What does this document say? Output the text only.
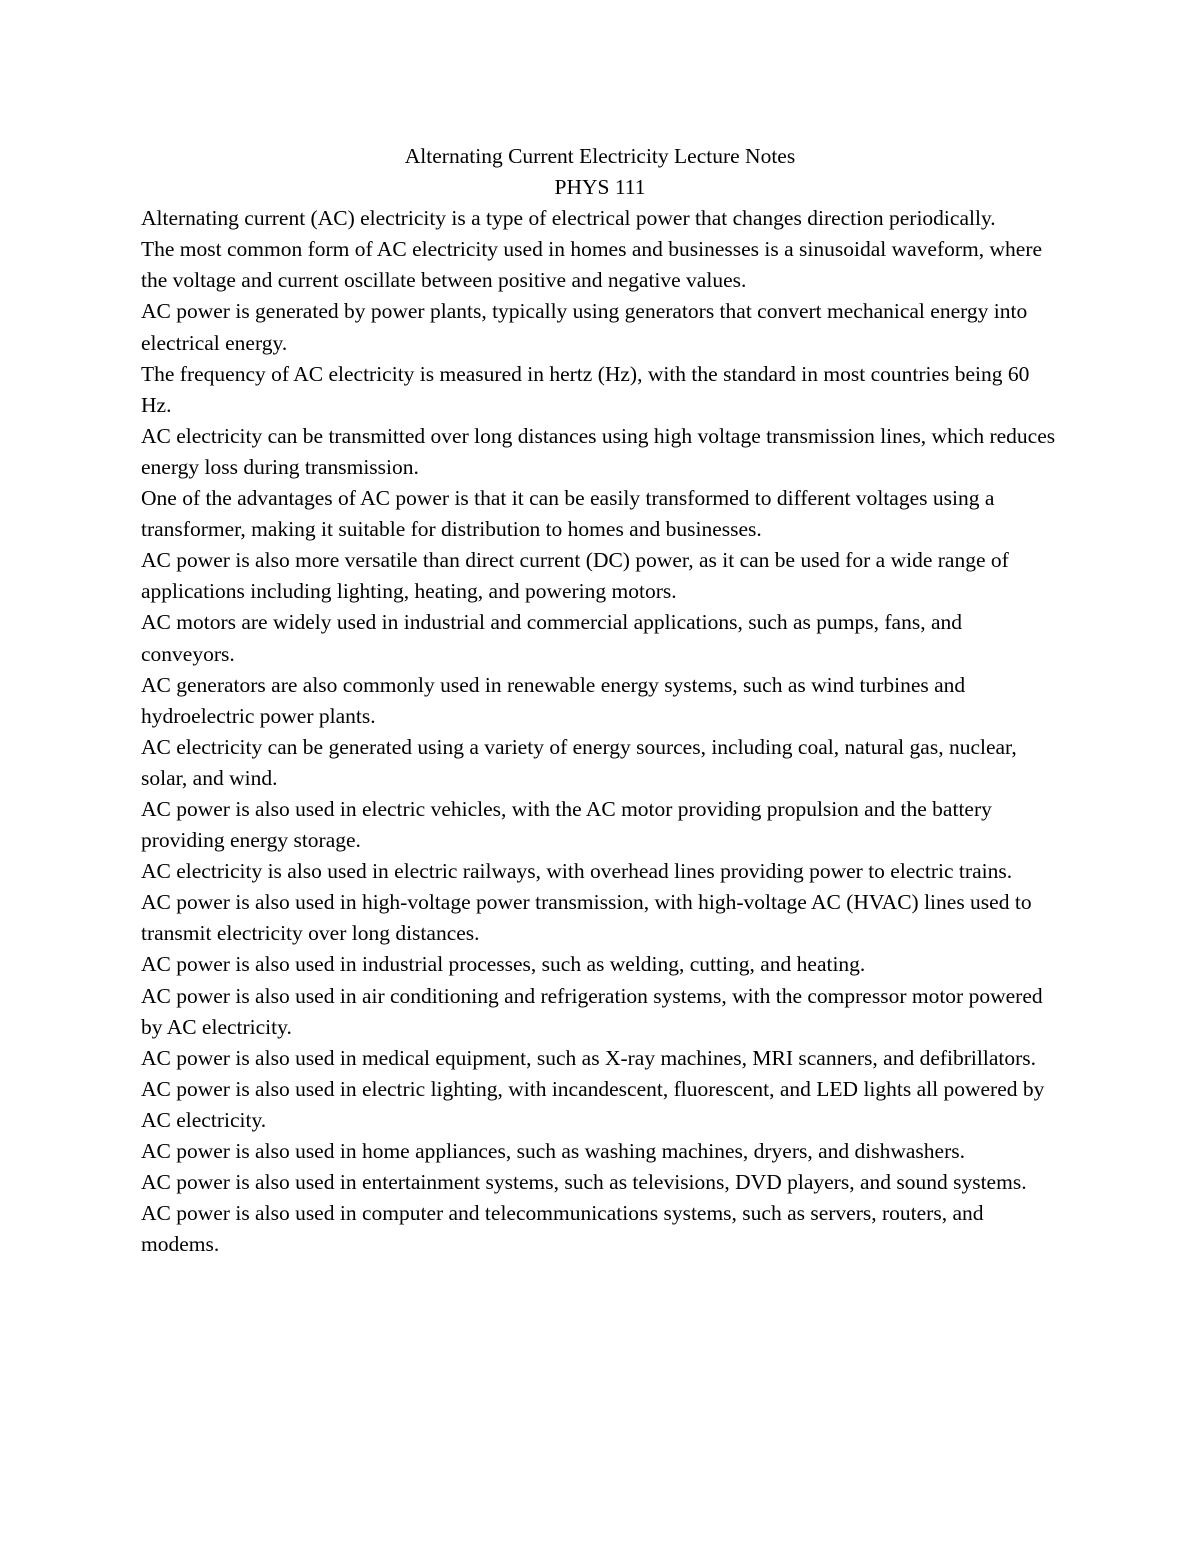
Alternating Current Electricity Lecture Notes
PHYS 111

Alternating current (AC) electricity is a type of electrical power that changes direction periodically.

The most common form of AC electricity used in homes and businesses is a sinusoidal waveform, where the voltage and current oscillate between positive and negative values.

AC power is generated by power plants, typically using generators that convert mechanical energy into electrical energy.

The frequency of AC electricity is measured in hertz (Hz), with the standard in most countries being 60 Hz.

AC electricity can be transmitted over long distances using high voltage transmission lines, which reduces energy loss during transmission.

One of the advantages of AC power is that it can be easily transformed to different voltages using a transformer, making it suitable for distribution to homes and businesses.

AC power is also more versatile than direct current (DC) power, as it can be used for a wide range of applications including lighting, heating, and powering motors.

AC motors are widely used in industrial and commercial applications, such as pumps, fans, and conveyors.

AC generators are also commonly used in renewable energy systems, such as wind turbines and hydroelectric power plants.

AC electricity can be generated using a variety of energy sources, including coal, natural gas, nuclear, solar, and wind.

AC power is also used in electric vehicles, with the AC motor providing propulsion and the battery providing energy storage.

AC electricity is also used in electric railways, with overhead lines providing power to electric trains.

AC power is also used in high-voltage power transmission, with high-voltage AC (HVAC) lines used to transmit electricity over long distances.

AC power is also used in industrial processes, such as welding, cutting, and heating.

AC power is also used in air conditioning and refrigeration systems, with the compressor motor powered by AC electricity.

AC power is also used in medical equipment, such as X-ray machines, MRI scanners, and defibrillators.

AC power is also used in electric lighting, with incandescent, fluorescent, and LED lights all powered by AC electricity.

AC power is also used in home appliances, such as washing machines, dryers, and dishwashers.

AC power is also used in entertainment systems, such as televisions, DVD players, and sound systems.

AC power is also used in computer and telecommunications systems, such as servers, routers, and modems.
